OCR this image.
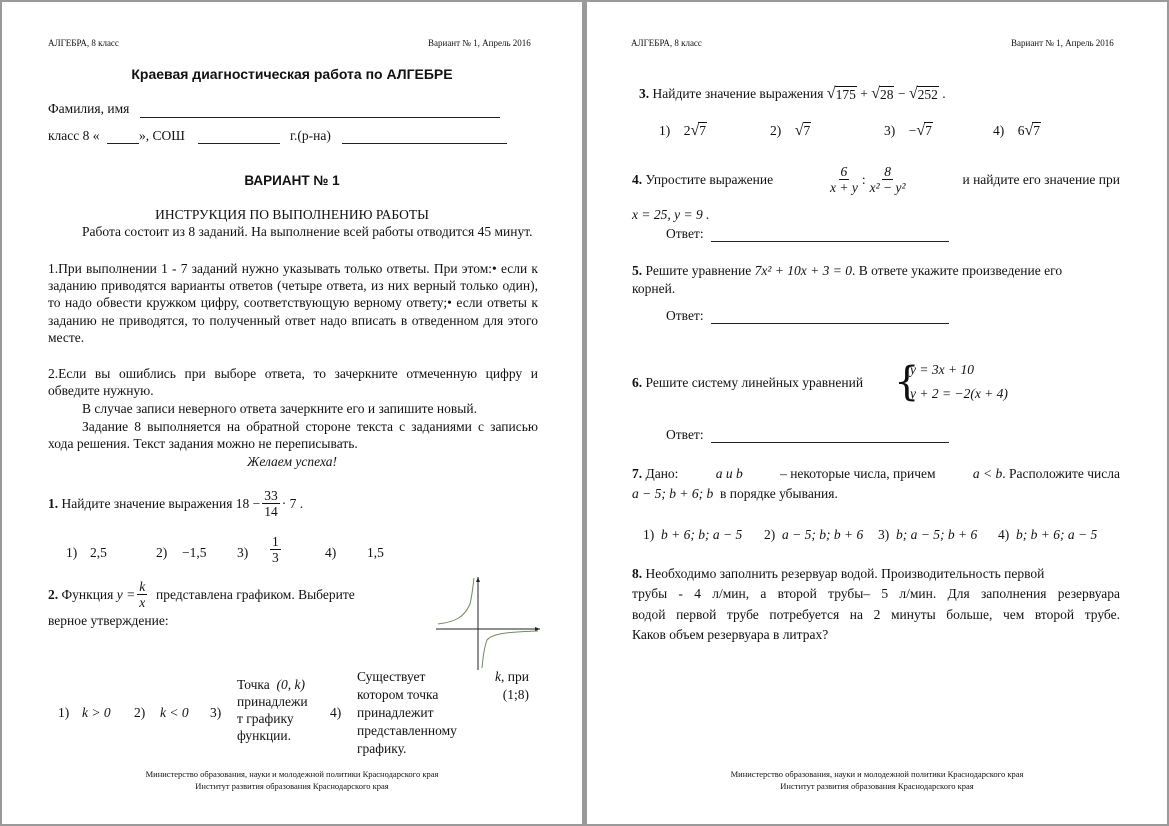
АЛГЕБРА, 8 класс	Вариант № 1, Апрель 2016
Краевая диагностическая работа по АЛГЕБРЕ
Фамилия, имя
класс 8 «	», СОШ	г.(р-на)
ВАРИАНТ № 1
ИНСТРУКЦИЯ ПО ВЫПОЛНЕНИЮ РАБОТЫ
Работа состоит из 8 заданий. На выполнение всей работы отводится 45 минут.
1.При выполнении 1 - 7 заданий нужно указывать только ответы. При этом:• если к заданию приводятся варианты ответов (четыре ответа, из них верный только один), то надо обвести кружком цифру, соответствующую верному ответу;• если ответы к заданию не приводятся, то полученный ответ надо вписать в отведенном для этого месте.
2.Если вы ошиблись при выборе ответа, то зачеркните отмеченную цифру и обведите нужную.
В случае записи неверного ответа зачеркните его и запишите новый.
Задание 8 выполняется на обратной стороне текста с заданиями с записью хода решения. Текст задания можно не переписывать.
Желаем успеха!
1.
Найдите значение выражения
$18 - \frac{33}{14} \cdot 7$ .
1) 2,5	2) −1,5 $3) \frac{1}{3}$	4) 1,5
2.
Функция
$y = \frac{k}{x}$
представлена графиком. Выберите
верное утверждение:
1) k > 0 2) k < 0 3)
Точка (0, k)
принадлежи
т графику
функции.
4)
Существует	k, при
котором точка	(1;8)
принадлежит
представленному
графику.
Министерство образования, науки и молодежной политики Краснодарского края
Институт развития образования Краснодарского края
АЛГЕБРА, 8 класс	Вариант № 1, Апрель 2016
3.
Найдите значение выражения
√ 175 + √ 28 − √ 252 .
1) 2√7	2) √7	3) −√7	4) 6√7
4. Упростите выражение	$\frac{6}{x + y}$ : $\frac{8}{\text{x² − y²}}$	и найдите его значение при
x = 25, y = 9 .
Ответ:
5. Решите уравнение 7x² + 10x + 3 = 0. В ответе укажите произведение его
корней.
Ответ:
6. Решите систему линейных уравнений {
y = 3x + 10
y + 2 = −2(x + 4)
Ответ:
7. Дано:	a и b	– некоторые числа, причем	a < b. Расположите числа
a − 5; b + 6; b в порядке убывания.
1) b + 6; b; a − 5 2) a − 5; b; b + 6 3) b; a − 5; b + 6 4) b; b + 6; a − 5
8. Необходимо заполнить резервуар водой. Производительность первой
трубы - 4 л/мин, а второй трубы– 5 л/мин. Для заполнения резервуара
водой первой трубе потребуется на 2 минуты больше, чем второй трубе.
Каков объем резервуара в литрах?
Министерство образования, науки и молодежной политики Краснодарского края
Институт развития образования Краснодарского края
